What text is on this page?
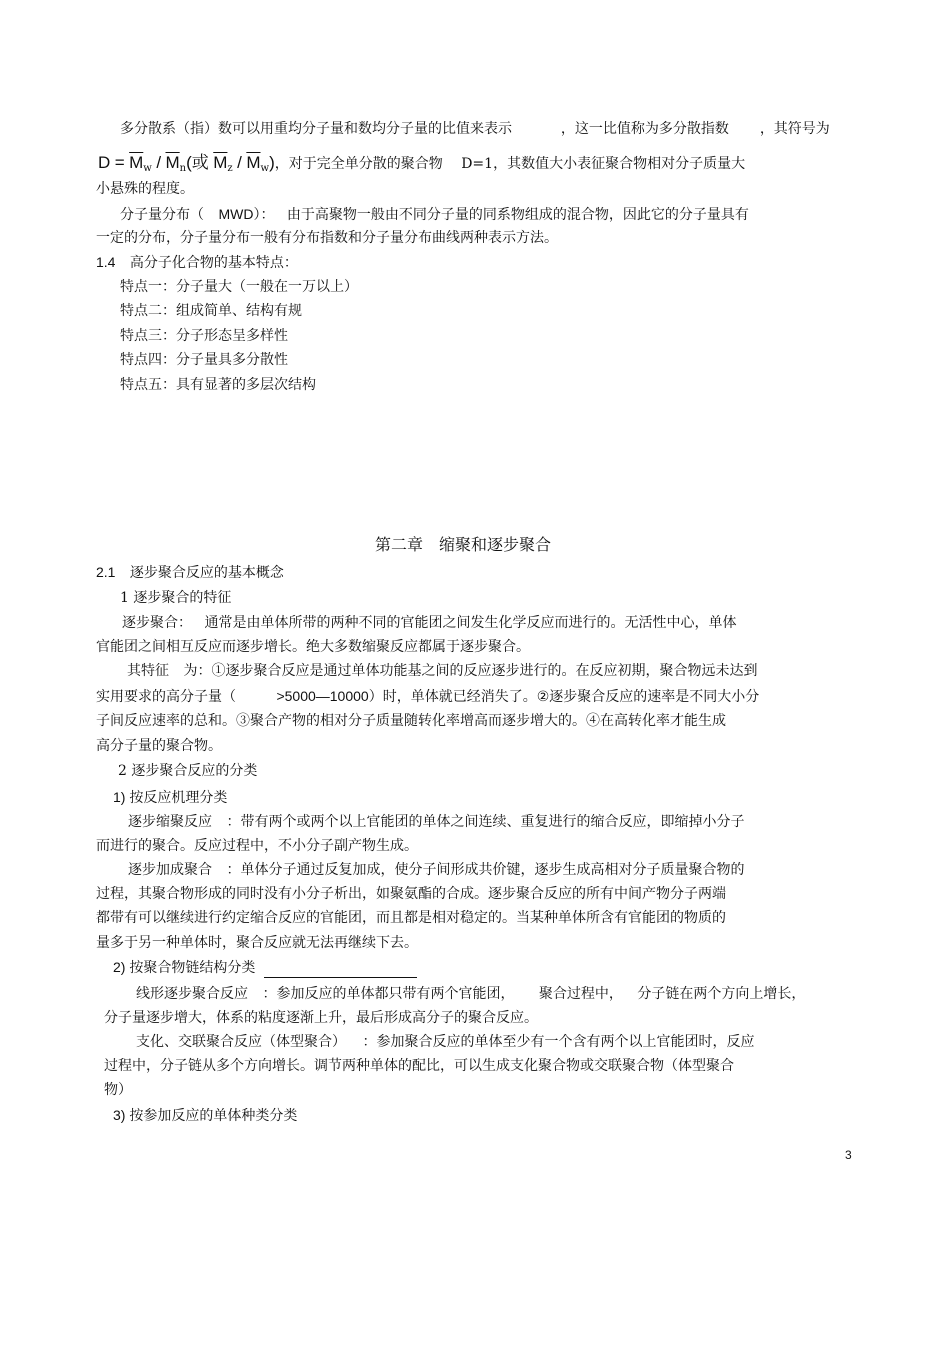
多分散系（指）数可以用重均分子量和数均分子量的比值来表示	，这一比值称为多分散指数 ，其符号为
$D = \overline{M}_w / \overline{M}_n$(或 $\overline{M}_z / \overline{M}_w$)，对于完全单分散的聚合物 D=1，其数值大小表征聚合物相对分子质量大
小悬殊的程度。
分子量分布（ MWD）： 由于高聚物一般由不同分子量的同系物组成的混合物，因此它的分子量具有
一定的分布，分子量分布一般有分布指数和分子量分布曲线两种表示方法。
1.4 高分子化合物的基本特点：
特点一：分子量大（一般在一万以上）
特点二：组成简单、结构有规
特点三：分子形态呈多样性
特点四：分子量具多分散性
特点五：具有显著的多层次结构
第二章　缩聚和逐步聚合
2.1 逐步聚合反应的基本概念
1 逐步聚合的特征
逐步聚合： 通常是由单体所带的两种不同的官能团之间发生化学反应而进行的。无活性中心，单体
官能团之间相互反应而逐步增长。绝大多数缩聚反应都属于逐步聚合。
其特征 为：①逐步聚合反应是通过单体功能基之间的反应逐步进行的。在反应初期，聚合物远未达到
实用要求的高分子量（	>5000—10000）时，单体就已经消失了。②逐步聚合反应的速率是不同大小分
子间反应速率的总和。③聚合产物的相对分子质量随转化率增高而逐步增大的。④在高转化率才能生成
高分子量的聚合物。
2 逐步聚合反应的分类
1) 按反应机理分类
逐步缩聚反应 ：带有两个或两个以上官能团的单体之间连续、重复进行的缩合反应，即缩掉小分子
而进行的聚合。反应过程中，不小分子副产物生成。
逐步加成聚合 ：单体分子通过反复加成，使分子间形成共价键，逐步生成高相对分子质量聚合物的
过程，其聚合物形成的同时没有小分子析出，如聚氨酯的合成。逐步聚合反应的所有中间产物分子两端
都带有可以继续进行约定缩合反应的官能团，而且都是相对稳定的。当某种单体所含有官能团的物质的
量多于另一种单体时，聚合反应就无法再继续下去。
2) 按聚合物链结构分类
线形逐步聚合反应 ：参加反应的单体都只带有两个官能团， 聚合过程中， 分子链在两个方向上增长，
分子量逐步增大，体系的粘度逐渐上升，最后形成高分子的聚合反应。
支化、交联聚合反应（体型聚合） ：参加聚合反应的单体至少有一个含有两个以上官能团时，反应
过程中，分子链从多个方向增长。调节两种单体的配比，可以生成支化聚合物或交联聚合物（体型聚合
物）
3) 按参加反应的单体种类分类
3
